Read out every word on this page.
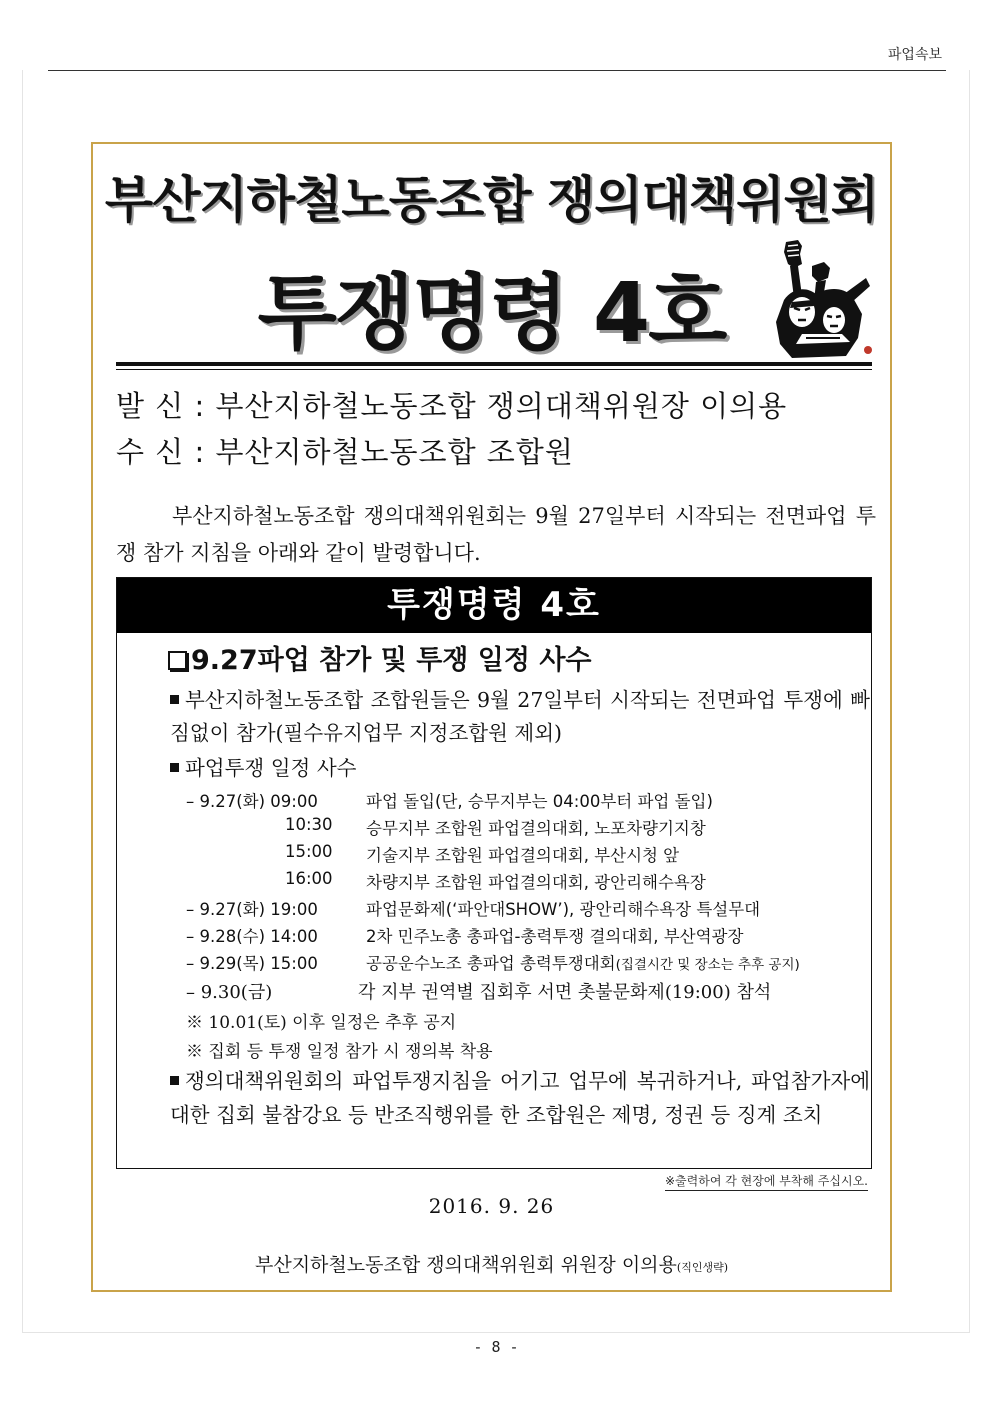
파업속보
부산지하철노동조합 쟁의대책위원회
투쟁명령 4호
발 신 : 부산지하철노동조합 쟁의대책위원장 이의용
수 신 : 부산지하철노동조합 조합원
부산지하철노동조합 쟁의대책위원회는 9월 27일부터 시작되는 전면파업 투쟁 참가 지침을 아래와 같이 발령합니다.
투쟁명령 4호
9.27파업 참가 및 투쟁 일정 사수
부산지하철노동조합 조합원들은 9월 27일부터 시작되는 전면파업 투쟁에 빠짐없이 참가(필수유지업무 지정조합원 제외)
파업투쟁 일정 사수
– 9.27(화) 09:00	파업 돌입(단, 승무지부는 04:00부터 파업 돌입)
10:30 승무지부 조합원 파업결의대회, 노포차량기지창
15:00 기술지부 조합원 파업결의대회, 부산시청 앞
16:00 차량지부 조합원 파업결의대회, 광안리해수욕장
– 9.27(화) 19:00	파업문화제(‘파안대SHOW’), 광안리해수욕장 특설무대
– 9.28(수) 14:00	2차 민주노총 총파업-총력투쟁 결의대회, 부산역광장
– 9.29(목) 15:00	공공운수노조 총파업 총력투쟁대회(집결시간 및 장소는 추후 공지)
– 9.30(금)	각 지부 권역별 집회후 서면 촛불문화제(19:00) 참석
※ 10.01(토) 이후 일정은 추후 공지
※ 집회 등 투쟁 일정 참가 시 쟁의복 착용
쟁의대책위원회의 파업투쟁지침을 어기고 업무에 복귀하거나, 파업참가자에 대한 집회 불참강요 등 반조직행위를 한 조합원은 제명, 정권 등 징계 조치
※출력하여 각 현장에 부착해 주십시오.
2016. 9. 26
부산지하철노동조합 쟁의대책위원회 위원장 이의용(직인생략)
- 8 -
